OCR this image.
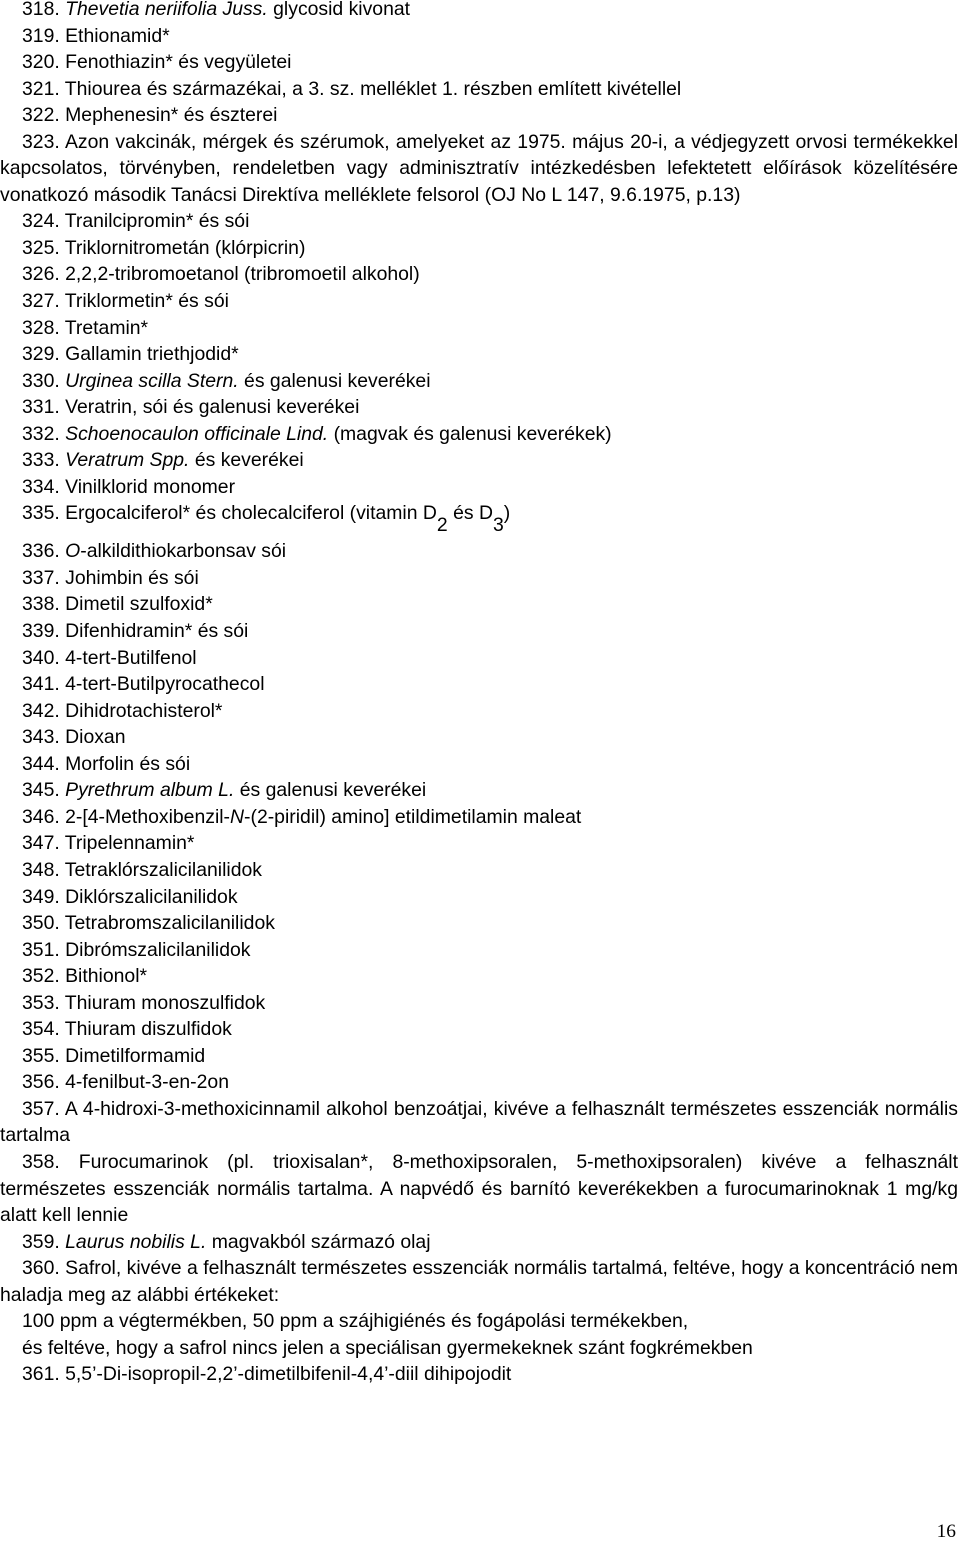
318. Thevetia neriifolia Juss. glycosid kivonat
319. Ethionamid*
320. Fenothiazin* és vegyületei
321. Thiourea és származékai, a 3. sz. melléklet 1. részben említett kivétellel
322. Mephenesin* és észterei

323. Azon vakcinák, mérgek és szérumok, amelyeket az 1975. május 20-i, a védjegyzett orvosi termékekkel kapcsolatos, törvényben, rendeletben vagy adminisztratív intézkedésben lefektetett előírások közelítésére vonatkozó második Tanácsi Direktíva melléklete felsorol (OJ No L 147, 9.6.1975, p.13)

324. Tranilcipromin* és sói
325. Triklornitrometán (klórpicrin)
326. 2,2,2-tribromoetanol (tribromoetil alkohol)
327. Triklormetin* és sói
328. Tretamin*
329. Gallamin triethjodid*
330. Urginea scilla Stern. és galenusi keverékei
331. Veratrin, sói és galenusi keverékei
332. Schoenocaulon officinale Lind. (magvak és galenusi keverékek)
333. Veratrum Spp. és keverékei
334. Vinilklorid monomer
335. Ergocalciferol* és cholecalciferol (vitamin D2 és D3)
336. O-alkildithiokarbonsav sói
337. Johimbin és sói
338. Dimetil szulfoxid*
339. Difenhidramin* és sói
340. 4-tert-Butilfenol
341. 4-tert-Butilpyrocathecol
342. Dihidrotachisterol*
343. Dioxan
344. Morfolin és sói
345. Pyrethrum album L. és galenusi keverékei
346. 2-[4-Methoxibenzil-N-(2-piridil) amino] etildimetilamin maleat
347. Tripelennamin*
348. Tetraklórszalicilanilidok
349. Diklórszalicilanilidok
350. Tetrabromszalicilanilidok
351. Dibrómszalicilanilidok
352. Bithionol*
353. Thiuram monoszulfidok
354. Thiuram diszulfidok
355. Dimetilformamid
356. 4-fenilbut-3-en-2on

357. A 4-hidroxi-3-methoxicinnamil alkohol benzoátjai, kivéve a felhasznált természetes esszenciák normális tartalma

358. Furocumarinok (pl. trioxisalan*, 8-methoxipsoralen, 5-methoxipsoralen) kivéve a felhasznált természetes esszenciák normális tartalma. A napvédő és barnító keverékekben a furocumarinoknak 1 mg/kg alatt kell lennie

359. Laurus nobilis L. magvakból származó olaj

360. Safrol, kivéve a felhasznált természetes esszenciák normális tartalmá, feltéve, hogy a koncentráció nem haladja meg az alábbi értékeket:

100 ppm a végtermékben, 50 ppm a szájhigiénés és fogápolási termékekben,
és feltéve, hogy a safrol nincs jelen a speciálisan gyermekeknek szánt fogkrémekben
361. 5,5’-Di-isopropil-2,2’-dimetilbifenil-4,4’-diil dihipojodit
16
